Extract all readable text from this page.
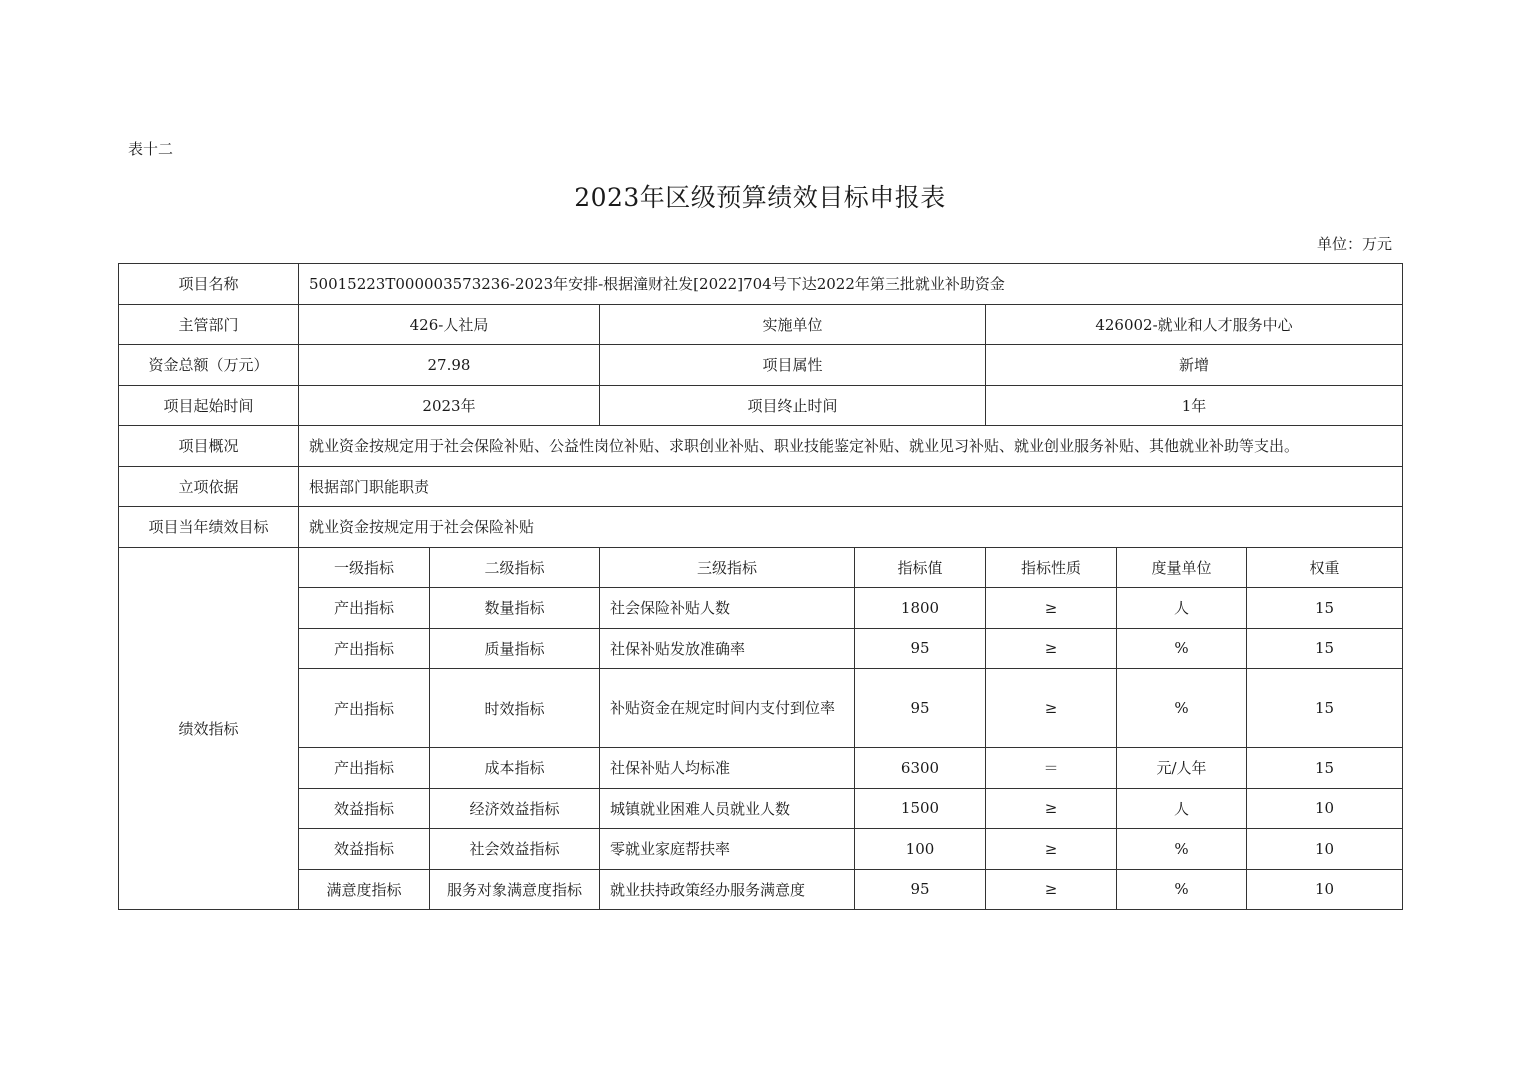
表十二
2023年区级预算绩效目标申报表
单位：万元
项目名称	50015223T000003573236-2023年安排-根据潼财社发[2022]704号下达2022年第三批就业补助资金						
主管部门	426-人社局		实施单位		426002-就业和人才服务中心		
资金总额（万元）	27.98		项目属性		新增		
项目起始时间	2023年		项目终止时间		1年		
项目概况	就业资金按规定用于社会保险补贴、公益性岗位补贴、求职创业补贴、职业技能鉴定补贴、就业见习补贴、就业创业服务补贴、其他就业补助等支出。						
立项依据	根据部门职能职责						
项目当年绩效目标	就业资金按规定用于社会保险补贴						
绩效指标	一级指标	二级指标	三级指标	指标值	指标性质	度量单位	权重
	产出指标	数量指标	社会保险补贴人数	1800	≥	人	15
	产出指标	质量指标	社保补贴发放准确率	95	≥	%	15
	产出指标	时效指标	补贴资金在规定时间内支付到位率	95	≥	%	15
	产出指标	成本指标	社保补贴人均标准	6300	＝	元/人年	15
	效益指标	经济效益指标	城镇就业困难人员就业人数	1500	≥	人	10
	效益指标	社会效益指标	零就业家庭帮扶率	100	≥	%	10
	满意度指标	服务对象满意度指标	就业扶持政策经办服务满意度	95	≥	%	10
